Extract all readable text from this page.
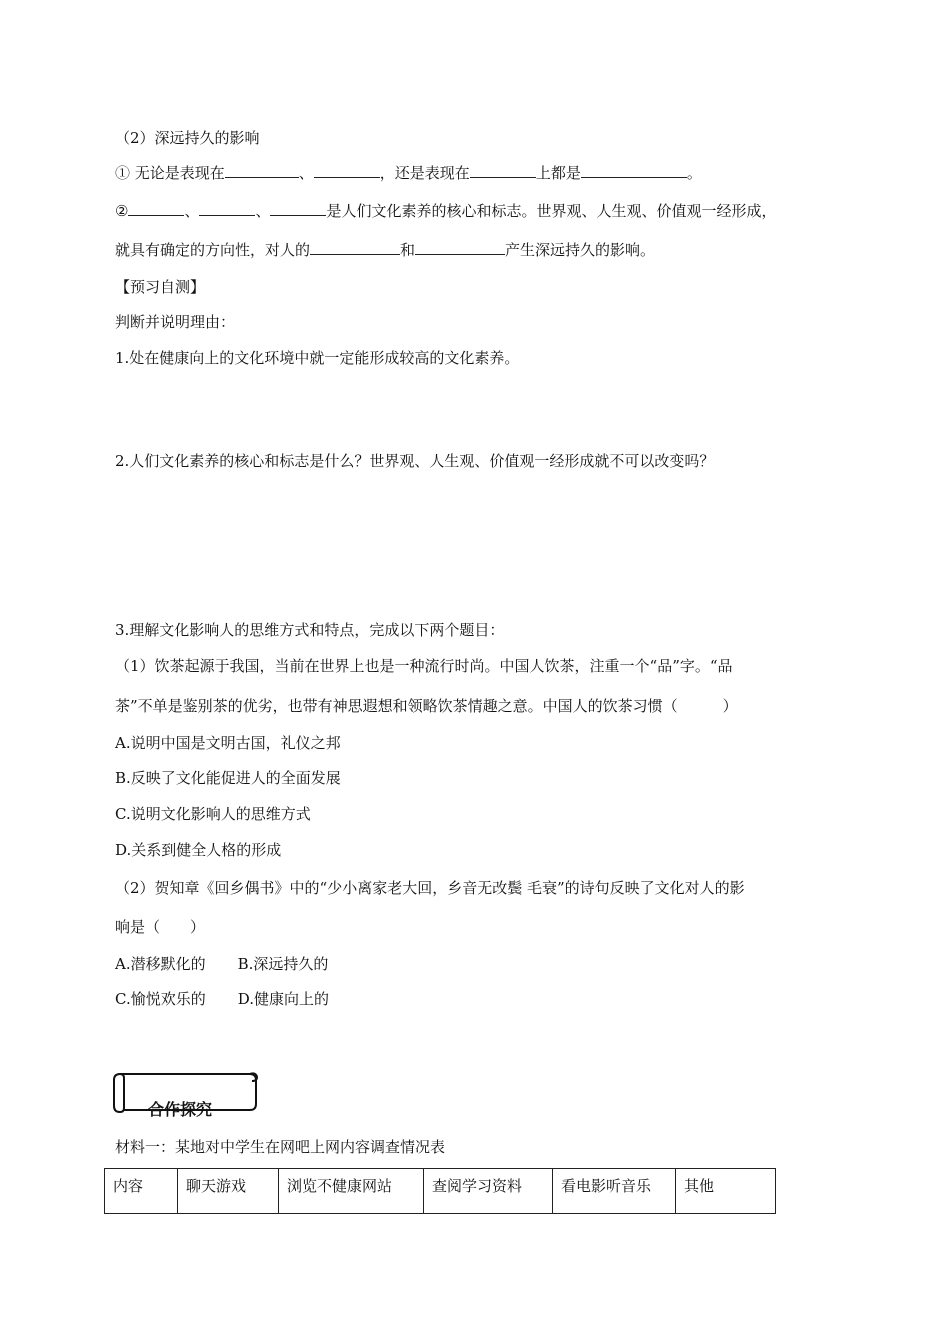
（2）深远持久的影响
① 无论是表现在	、	，还是表现在	上都是	。
②	、	、	是人们文化素养的核心和标志。世界观、人生观、价值观一经形成，
就具有确定的方向性，对人的	和	产生深远持久的影响。
【预习自测】
判断并说明理由：
1.处在健康向上的文化环境中就一定能形成较高的文化素养。
2.人们文化素养的核心和标志是什么？世界观、人生观、价值观一经形成就不可以改变吗？
3.理解文化影响人的思维方式和特点，完成以下两个题目：
（1）饮茶起源于我国，当前在世界上也是一种流行时尚。中国人饮茶，注重一个“品”字。“品
茶”不单是鉴别茶的优劣，也带有神思遐想和领略饮茶情趣之意。中国人的饮茶习惯（　　　）
A.说明中国是文明古国，礼仪之邦
B.反映了文化能促进人的全面发展
C.说明文化影响人的思维方式
D.关系到健全人格的形成
（2）贺知章《回乡偶书》中的“少小离家老大回，乡音无改鬓 毛衰”的诗句反映了文化对人的影
响是（　　）
A.潜移默化的 B.深远持久的
C.愉悦欢乐的 D.健康向上的
合作探究
材料一：某地对中学生在网吧上网内容调查情况表
内容	聊天游戏	浏览不健康网站	查阅学习资料	看电影听音乐	其他
